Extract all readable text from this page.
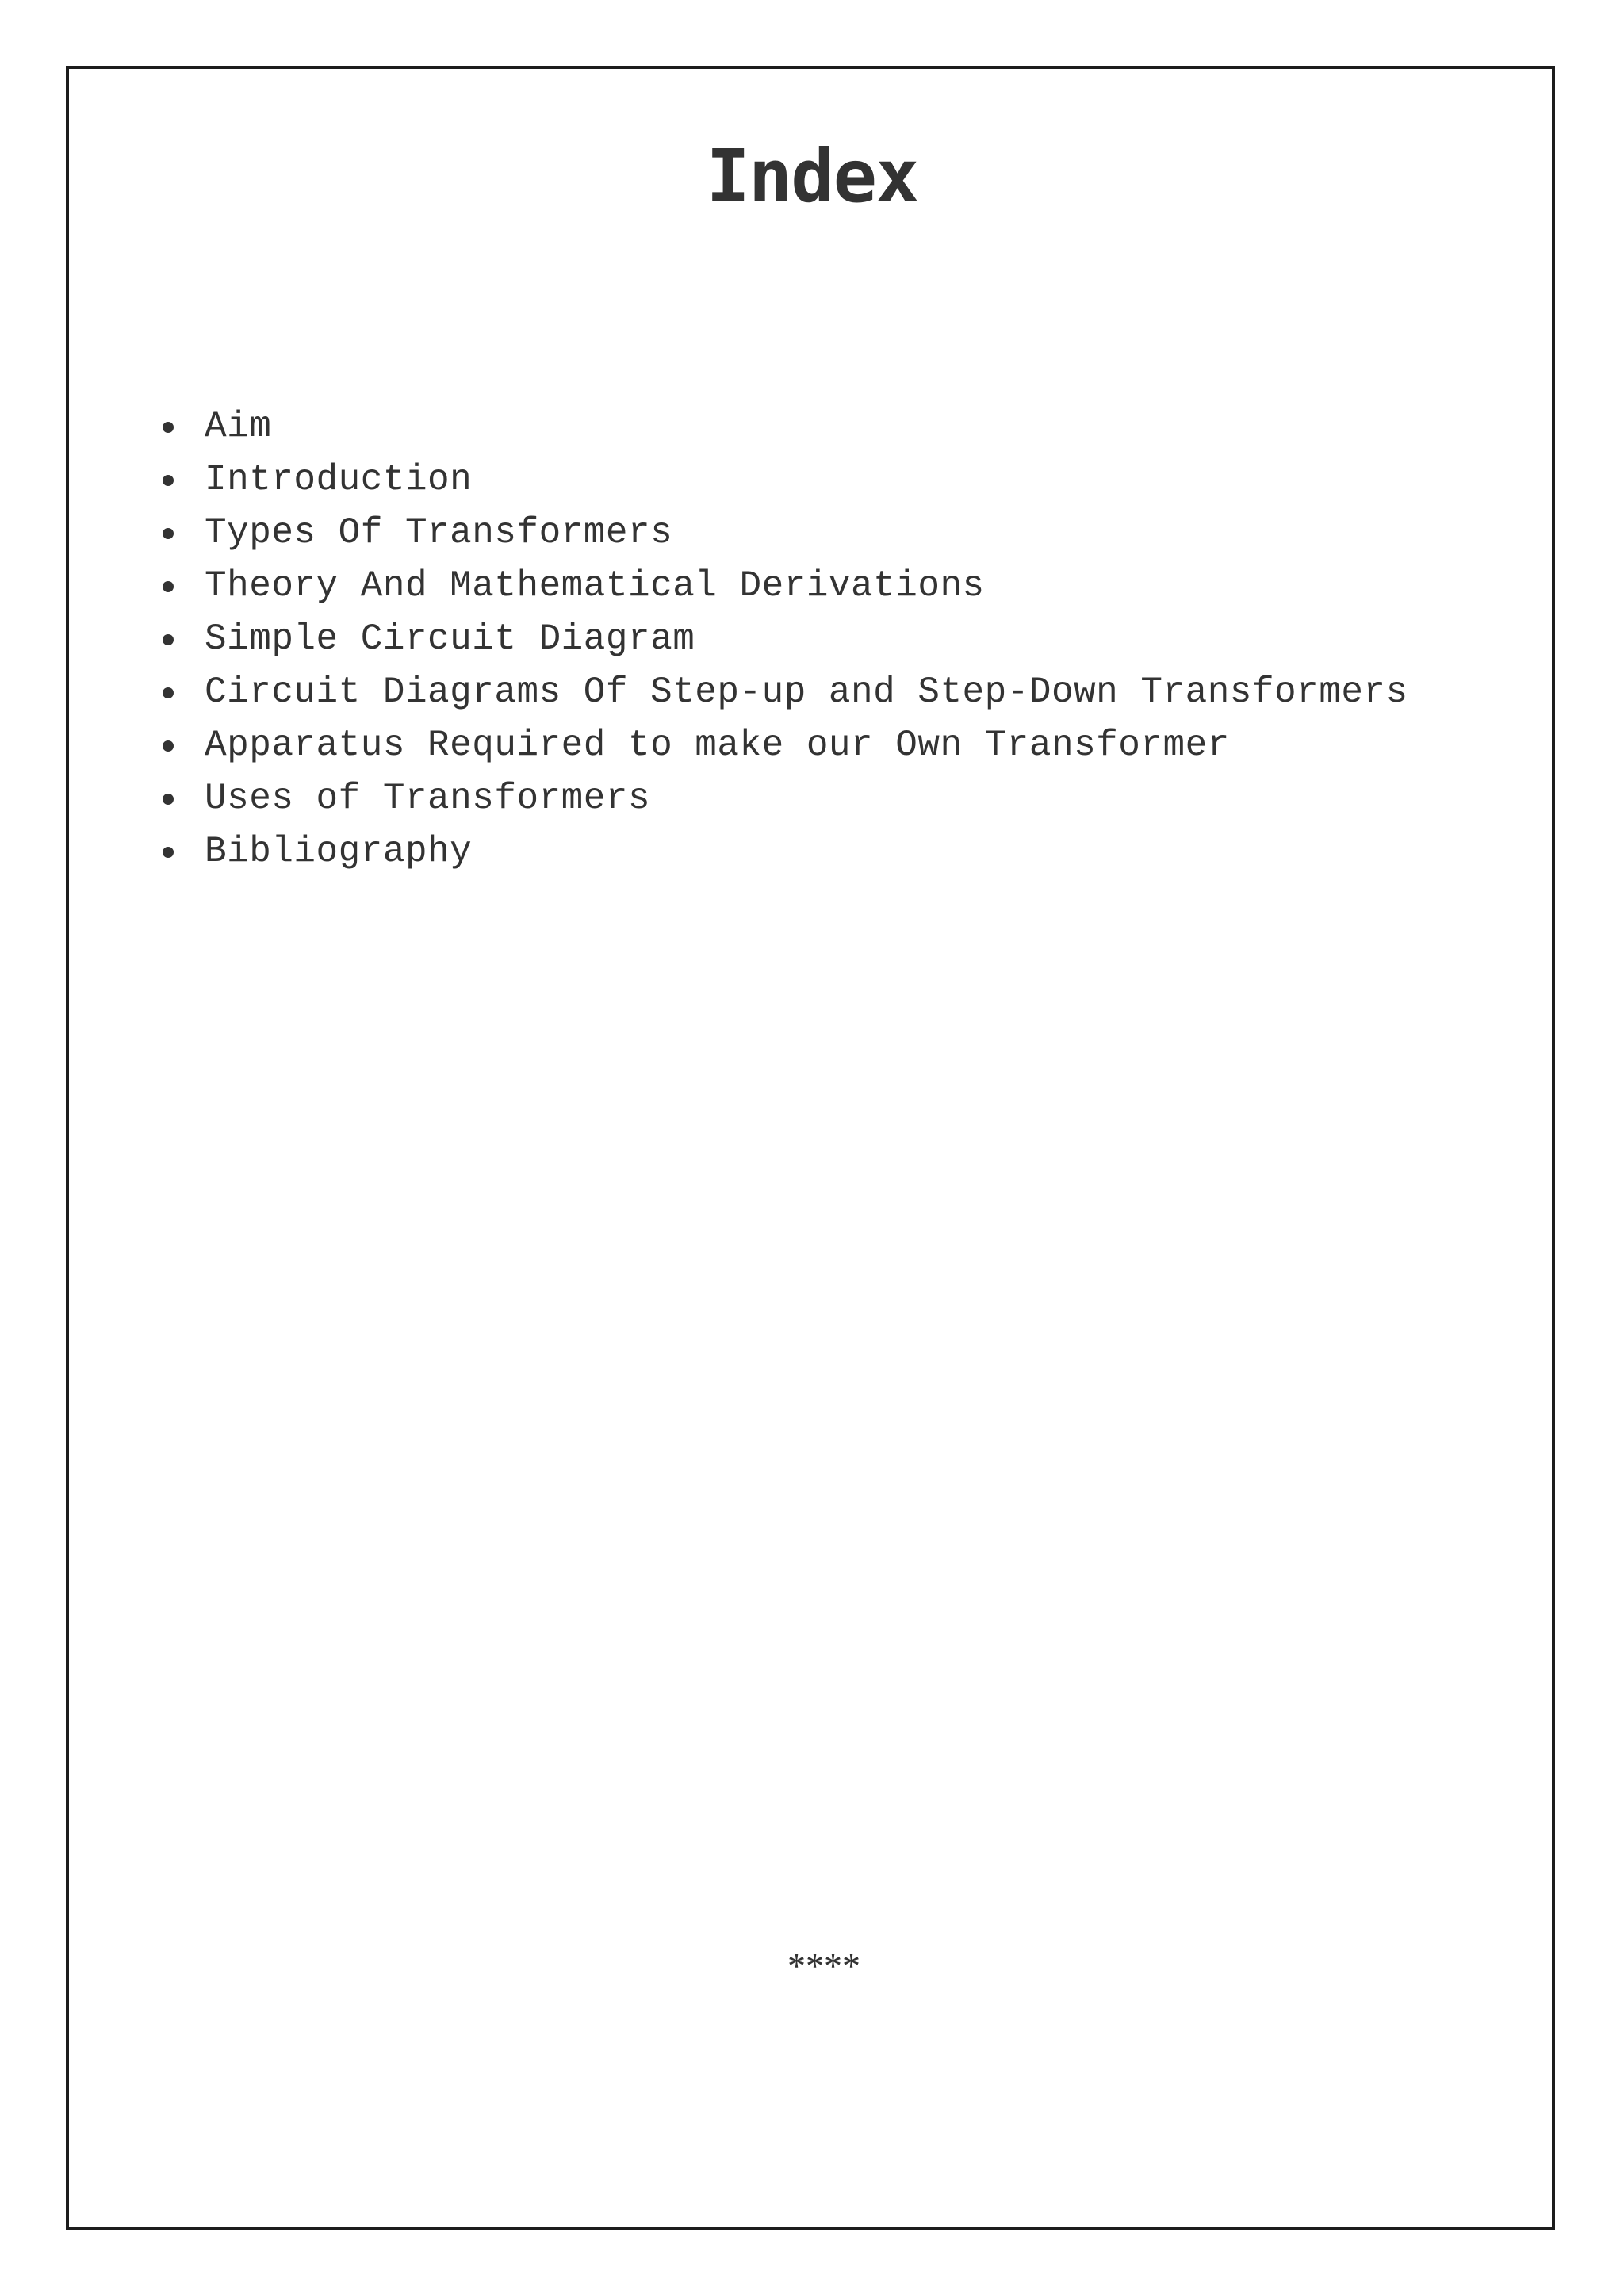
Index
Aim
Introduction
Types Of Transformers
Theory And Mathematical Derivations
Simple Circuit Diagram
Circuit Diagrams Of Step-up and Step-Down Transformers
Apparatus Required to make our Own Transformer
Uses of Transformers
Bibliography
****
